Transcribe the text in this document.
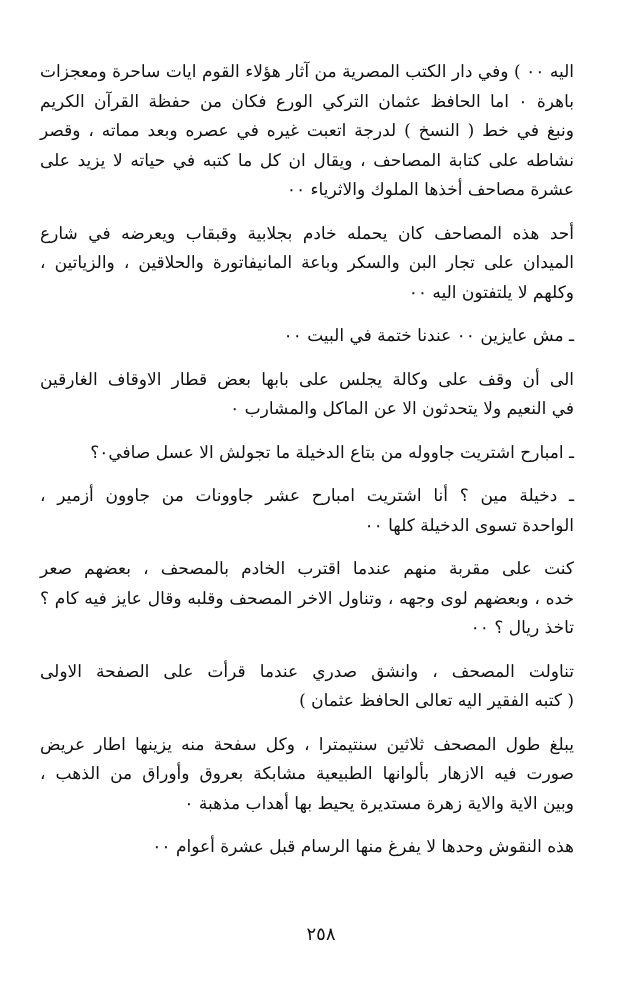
اليه ٠٠ ) وفي دار الكتب المصرية من آثار هؤلاء القوم ايات ساحرة ومعجزات
باهرة ٠ اما الحافظ عثمان التركي الورع فكان من حفظة القرآن الكريم
ونبغ في خط ( النسخ ) لدرجة اتعبت غيره في عصره وبعد مماته ، وقصر
نشاطه على كتابة المصاحف ، ويقال ان كل ما كتبه في حياته لا يزيد على
عشرة مصاحف أخذها الملوك والاثرياء ٠٠
أحد هذه المصاحف كان يحمله خادم بجلابية وقبقاب ويعرضه في شارع
الميدان على تجار البن والسكر وباعة المانيفاتورة والحلاقين ، والزياتين ،
وكلهم لا يلتفتون اليه ٠٠
ـ مش عايزين ٠٠ عندنا ختمة في البيت ٠٠
الى أن وقف على وكالة يجلس على بابها بعض قطار الاوقاف الغارقين
في النعيم ولا يتحدثون الا عن الماكل والمشارب ٠
ـ امبارح اشتريت جاووله من بتاع الدخيلة ما تجولش الا عسل صافي٠؟
ـ دخيلة مين ؟ أنا اشتريت امبارح عشر جاوونات من جاوون أزمير ،
الواحدة تسوى الدخيلة كلها ٠٠
كنت على مقربة منهم عندما اقترب الخادم بالمصحف ، بعضهم صعر
خده ، وبعضهم لوى وجهه ، وتناول الاخر المصحف وقلبه وقال عايز فيه كام ؟
تاخذ ريال ؟ ٠٠
تناولت المصحف ، وانشق صدري عندما قرأت على الصفحة الاولى
( كتبه الفقير اليه تعالى الحافظ عثمان )
يبلغ طول المصحف ثلاثين سنتيمترا ، وكل سفحة منه يزينها اطار عريض
صورت فيه الازهار بألوانها الطبيعية مشابكة بعروق وأوراق من الذهب ،
وبين الاية والاية زهرة مستديرة يحيط بها أهداب مذهبة ٠
هذه النقوش وحدها لا يفرغ منها الرسام قبل عشرة أعوام ٠٠
٢٥٨
